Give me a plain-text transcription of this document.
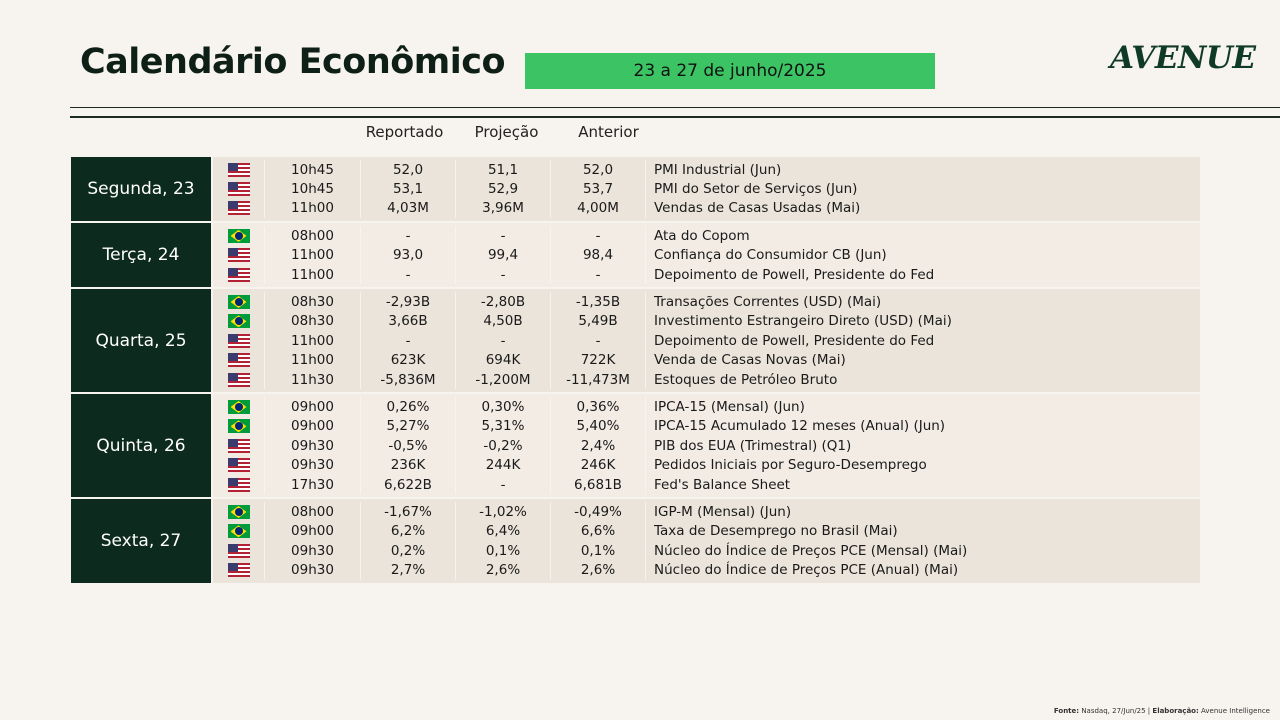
Calendário Econômico	23 a 27 de junho/2025	AVENUE
Reportado	Projeção	Anterior
Segunda, 23
10h45	52,0	51,1	52,0	PMI Industrial (Jun)
10h45	53,1	52,9	53,7	PMI do Setor de Serviços (Jun)
11h00	4,03M	3,96M	4,00M	Vendas de Casas Usadas (Mai)
Terça, 24
08h00	-	-	-	Ata do Copom
11h00	93,0	99,4	98,4	Confiança do Consumidor CB (Jun)
11h00	-	-	-	Depoimento de Powell, Presidente do Fed
Quarta, 25
08h30	-2,93B	-2,80B	-1,35B	Transações Correntes (USD) (Mai)
08h30	3,66B	4,50B	5,49B	Investimento Estrangeiro Direto (USD) (Mai)
11h00	-	-	-	Depoimento de Powell, Presidente do Fed
11h00	623K	694K	722K	Venda de Casas Novas (Mai)
11h30	-5,836M	-1,200M	-11,473M	Estoques de Petróleo Bruto
Quinta, 26
09h00	0,26%	0,30%	0,36%	IPCA-15 (Mensal) (Jun)
09h00	5,27%	5,31%	5,40%	IPCA-15 Acumulado 12 meses (Anual) (Jun)
09h30	-0,5%	-0,2%	2,4%	PIB dos EUA (Trimestral) (Q1)
09h30	236K	244K	246K	Pedidos Iniciais por Seguro-Desemprego
17h30	6,622B	-	6,681B	Fed's Balance Sheet
Sexta, 27
08h00	-1,67%	-1,02%	-0,49%	IGP-M (Mensal) (Jun)
09h00	6,2%	6,4%	6,6%	Taxa de Desemprego no Brasil (Mai)
09h30	0,2%	0,1%	0,1%	Núcleo do Índice de Preços PCE (Mensal) (Mai)
09h30	2,7%	2,6%	2,6%	Núcleo do Índice de Preços PCE (Anual) (Mai)
Fonte: Nasdaq, 27/Jun/25 | Elaboração: Avenue Intelligence
